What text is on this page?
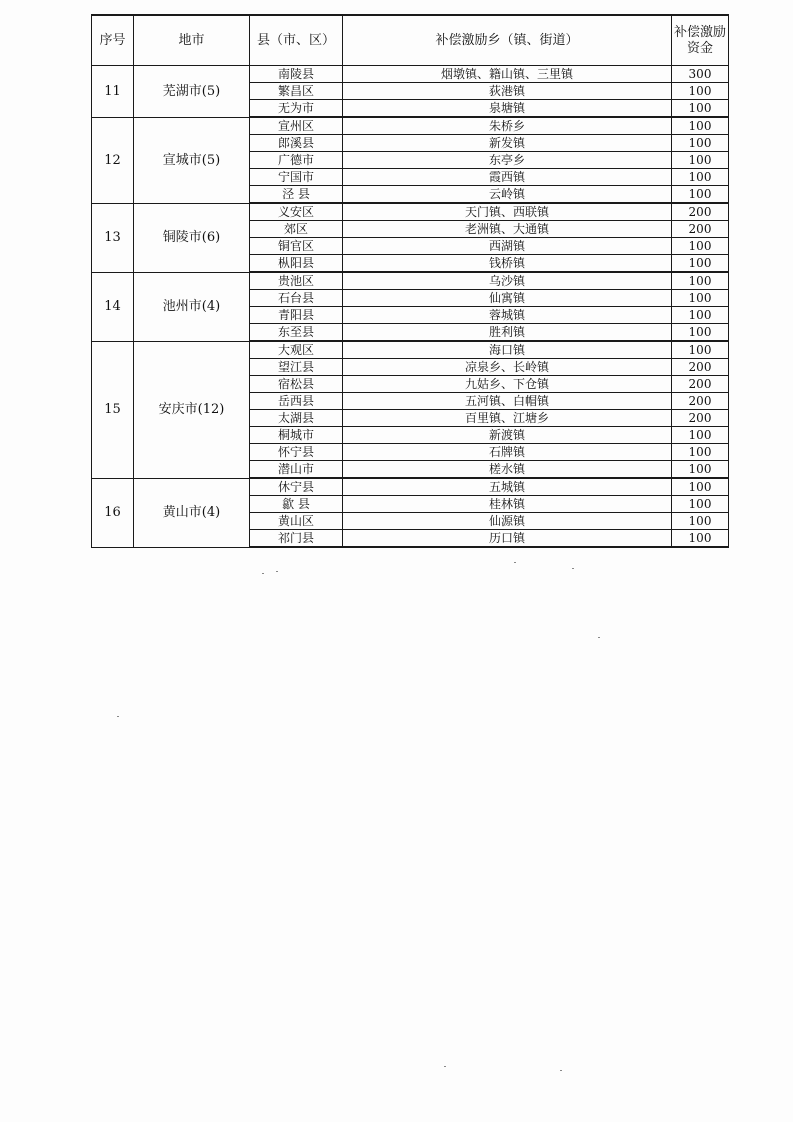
序号	地市	县（市、区）	补偿激励乡（镇、街道）	补偿激励资金
11	芜湖市(5)	南陵县	烟墩镇、籍山镇、三里镇	300
		繁昌区	荻港镇	100
		无为市	泉塘镇	100
12	宣城市(5)	宣州区	朱桥乡	100
		郎溪县	新发镇	100
		广德市	东亭乡	100
		宁国市	霞西镇	100
		泾 县	云岭镇	100
13	铜陵市(6)	义安区	天门镇、西联镇	200
		郊区	老洲镇、大通镇	200
		铜官区	西湖镇	100
		枞阳县	钱桥镇	100
14	池州市(4)	贵池区	乌沙镇	100
		石台县	仙寓镇	100
		青阳县	蓉城镇	100
		东至县	胜利镇	100
15	安庆市(12)	大观区	海口镇	100
		望江县	凉泉乡、长岭镇	200
		宿松县	九姑乡、下仓镇	200
		岳西县	五河镇、白帽镇	200
		太湖县	百里镇、江塘乡	200
		桐城市	新渡镇	100
		怀宁县	石牌镇	100
		潜山市	槎水镇	100
16	黄山市(4)	休宁县	五城镇	100
		歙 县	桂林镇	100
		黄山区	仙源镇	100
		祁门县	历口镇	100
